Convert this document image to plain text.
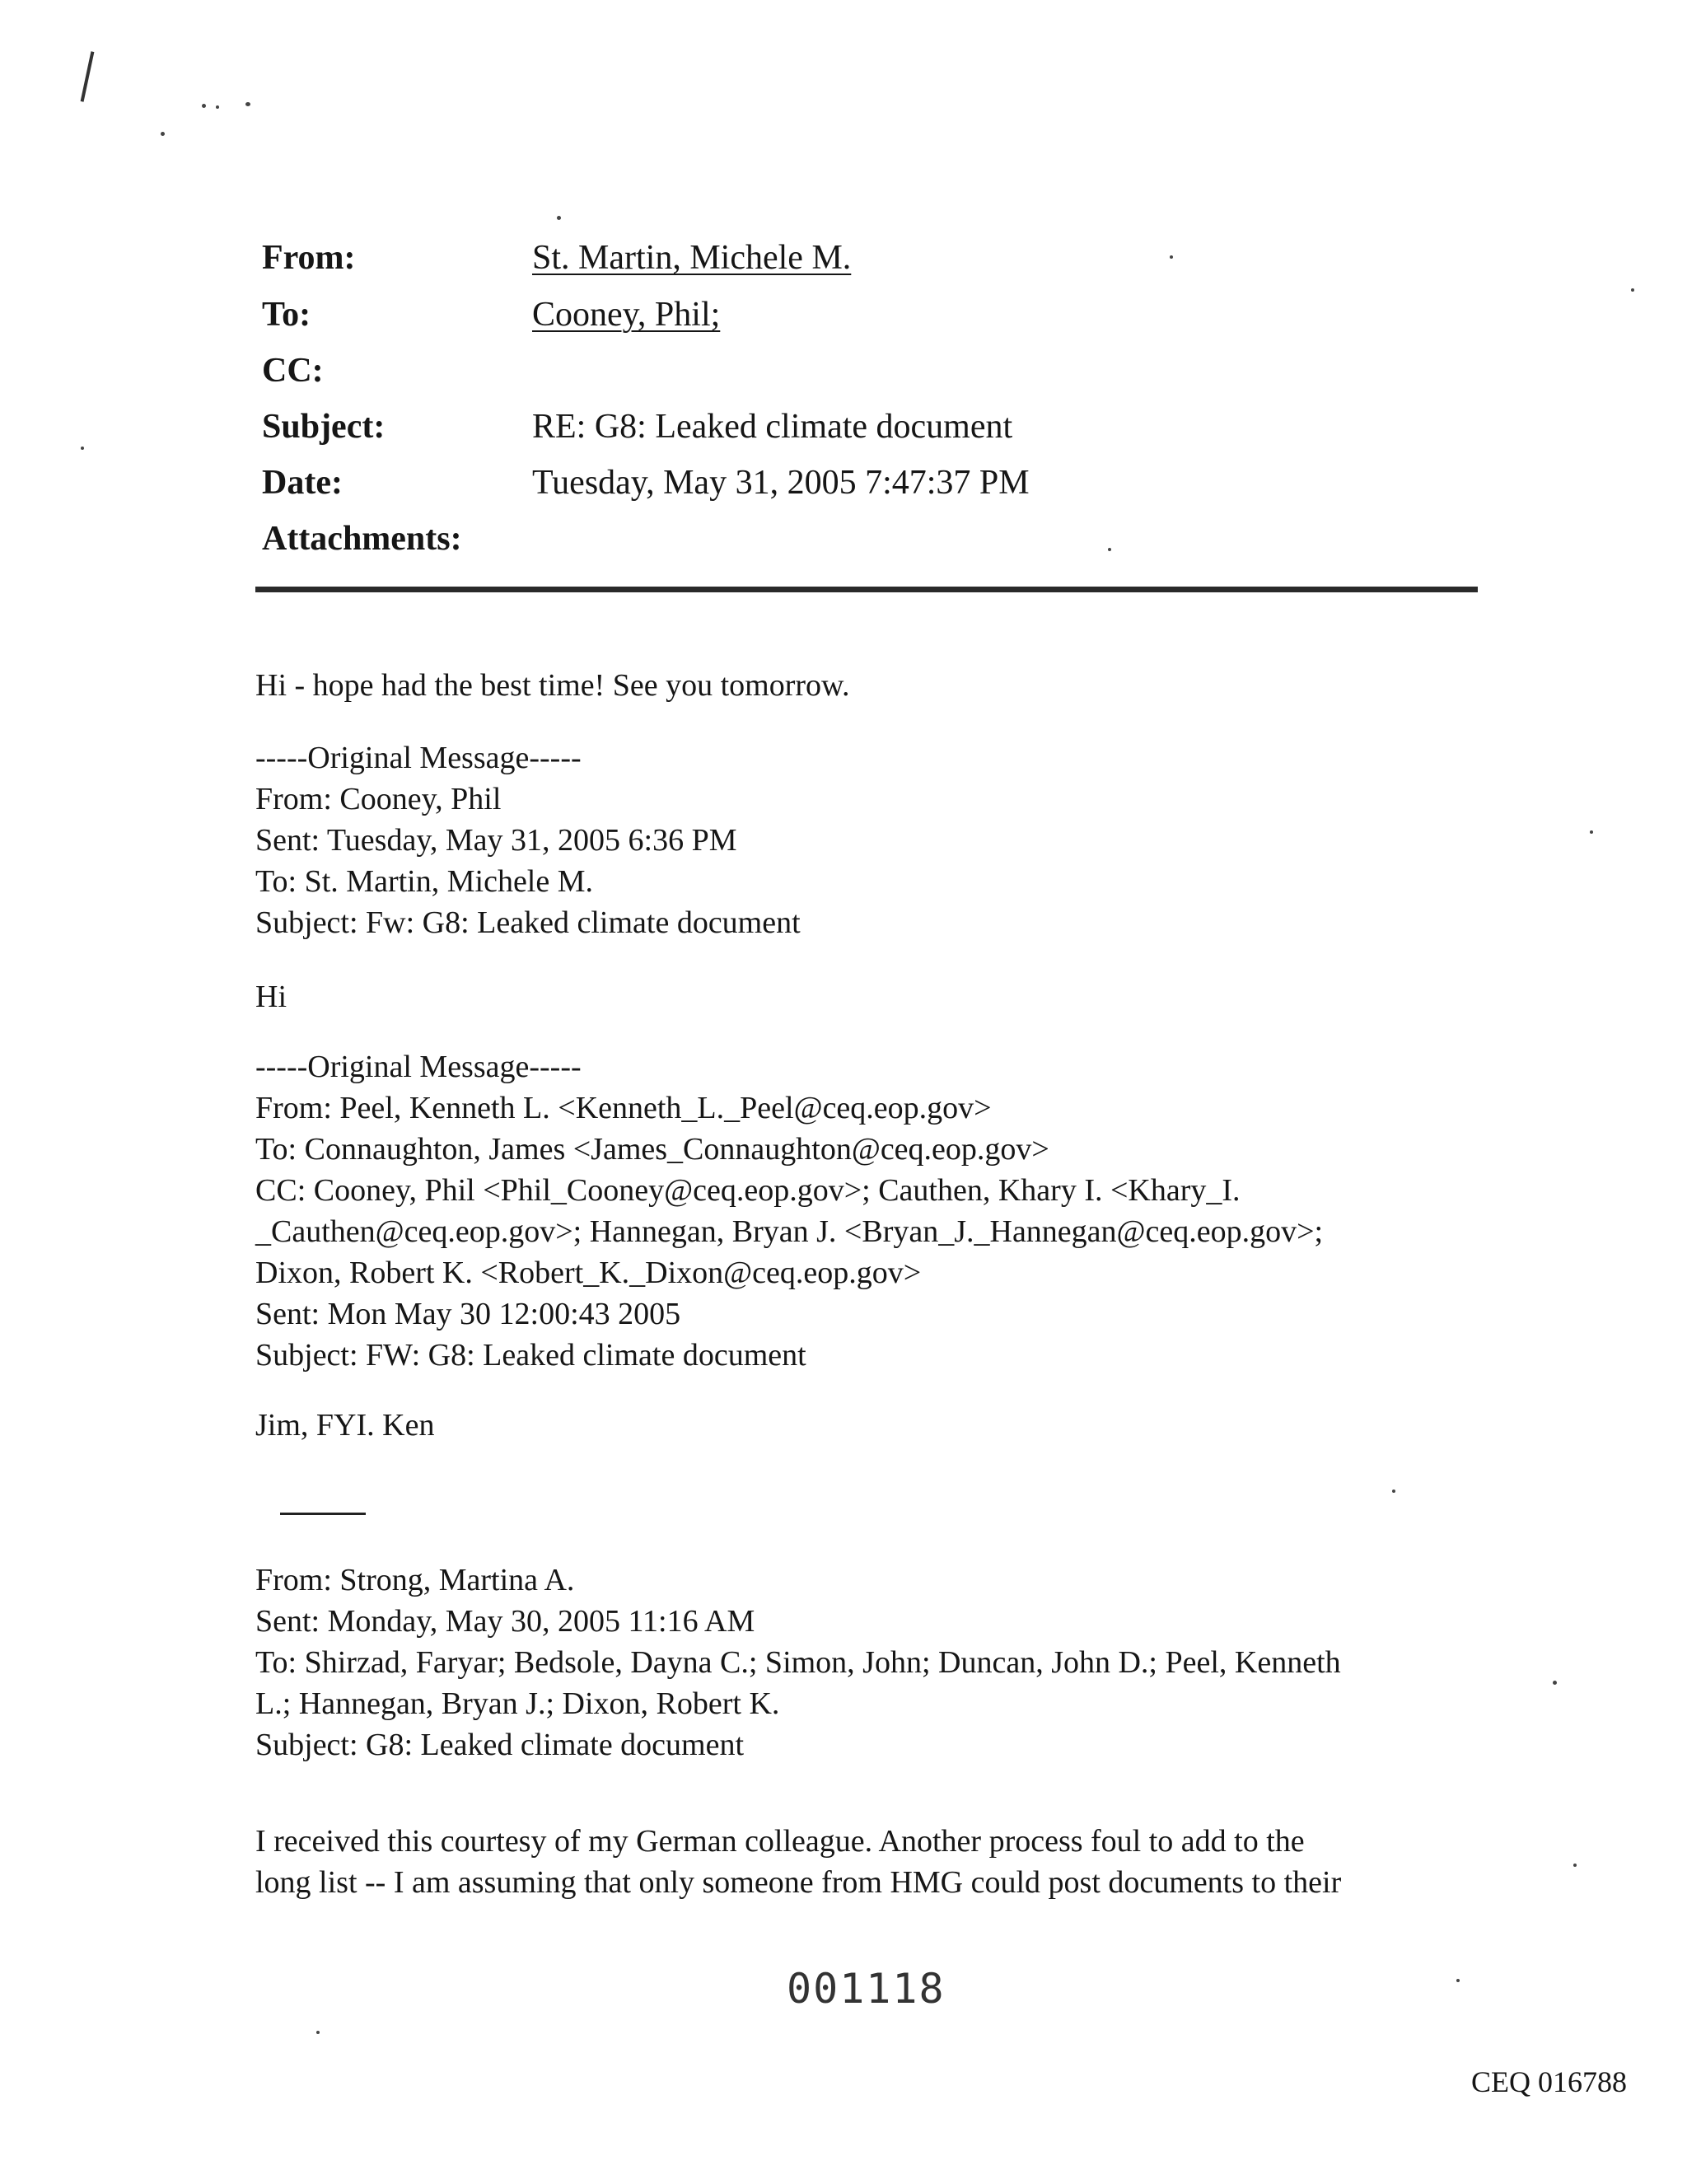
From:	St. Martin, Michele M.
To:	Cooney, Phil;
CC:
Subject:	RE: G8: Leaked climate document
Date:	Tuesday, May 31, 2005 7:47:37 PM
Attachments:
Hi - hope had the best time! See you tomorrow.
-----Original Message-----
From: Cooney, Phil
Sent: Tuesday, May 31, 2005 6:36 PM
To: St. Martin, Michele M.
Subject: Fw: G8: Leaked climate document
Hi
-----Original Message-----
From: Peel, Kenneth L. <Kenneth_L._Peel@ceq.eop.gov>
To: Connaughton, James <James_Connaughton@ceq.eop.gov>
CC: Cooney, Phil <Phil_Cooney@ceq.eop.gov>; Cauthen, Khary I. <Khary_I.
_Cauthen@ceq.eop.gov>; Hannegan, Bryan J. <Bryan_J._Hannegan@ceq.eop.gov>;
Dixon, Robert K. <Robert_K._Dixon@ceq.eop.gov>
Sent: Mon May 30 12:00:43 2005
Subject: FW: G8: Leaked climate document
Jim, FYI. Ken
From: Strong, Martina A.
Sent: Monday, May 30, 2005 11:16 AM
To: Shirzad, Faryar; Bedsole, Dayna C.; Simon, John; Duncan, John D.; Peel, Kenneth
L.; Hannegan, Bryan J.; Dixon, Robert K.
Subject: G8: Leaked climate document
I received this courtesy of my German colleague. Another process foul to add to the
long list -- I am assuming that only someone from HMG could post documents to their
001118
CEQ 016788
